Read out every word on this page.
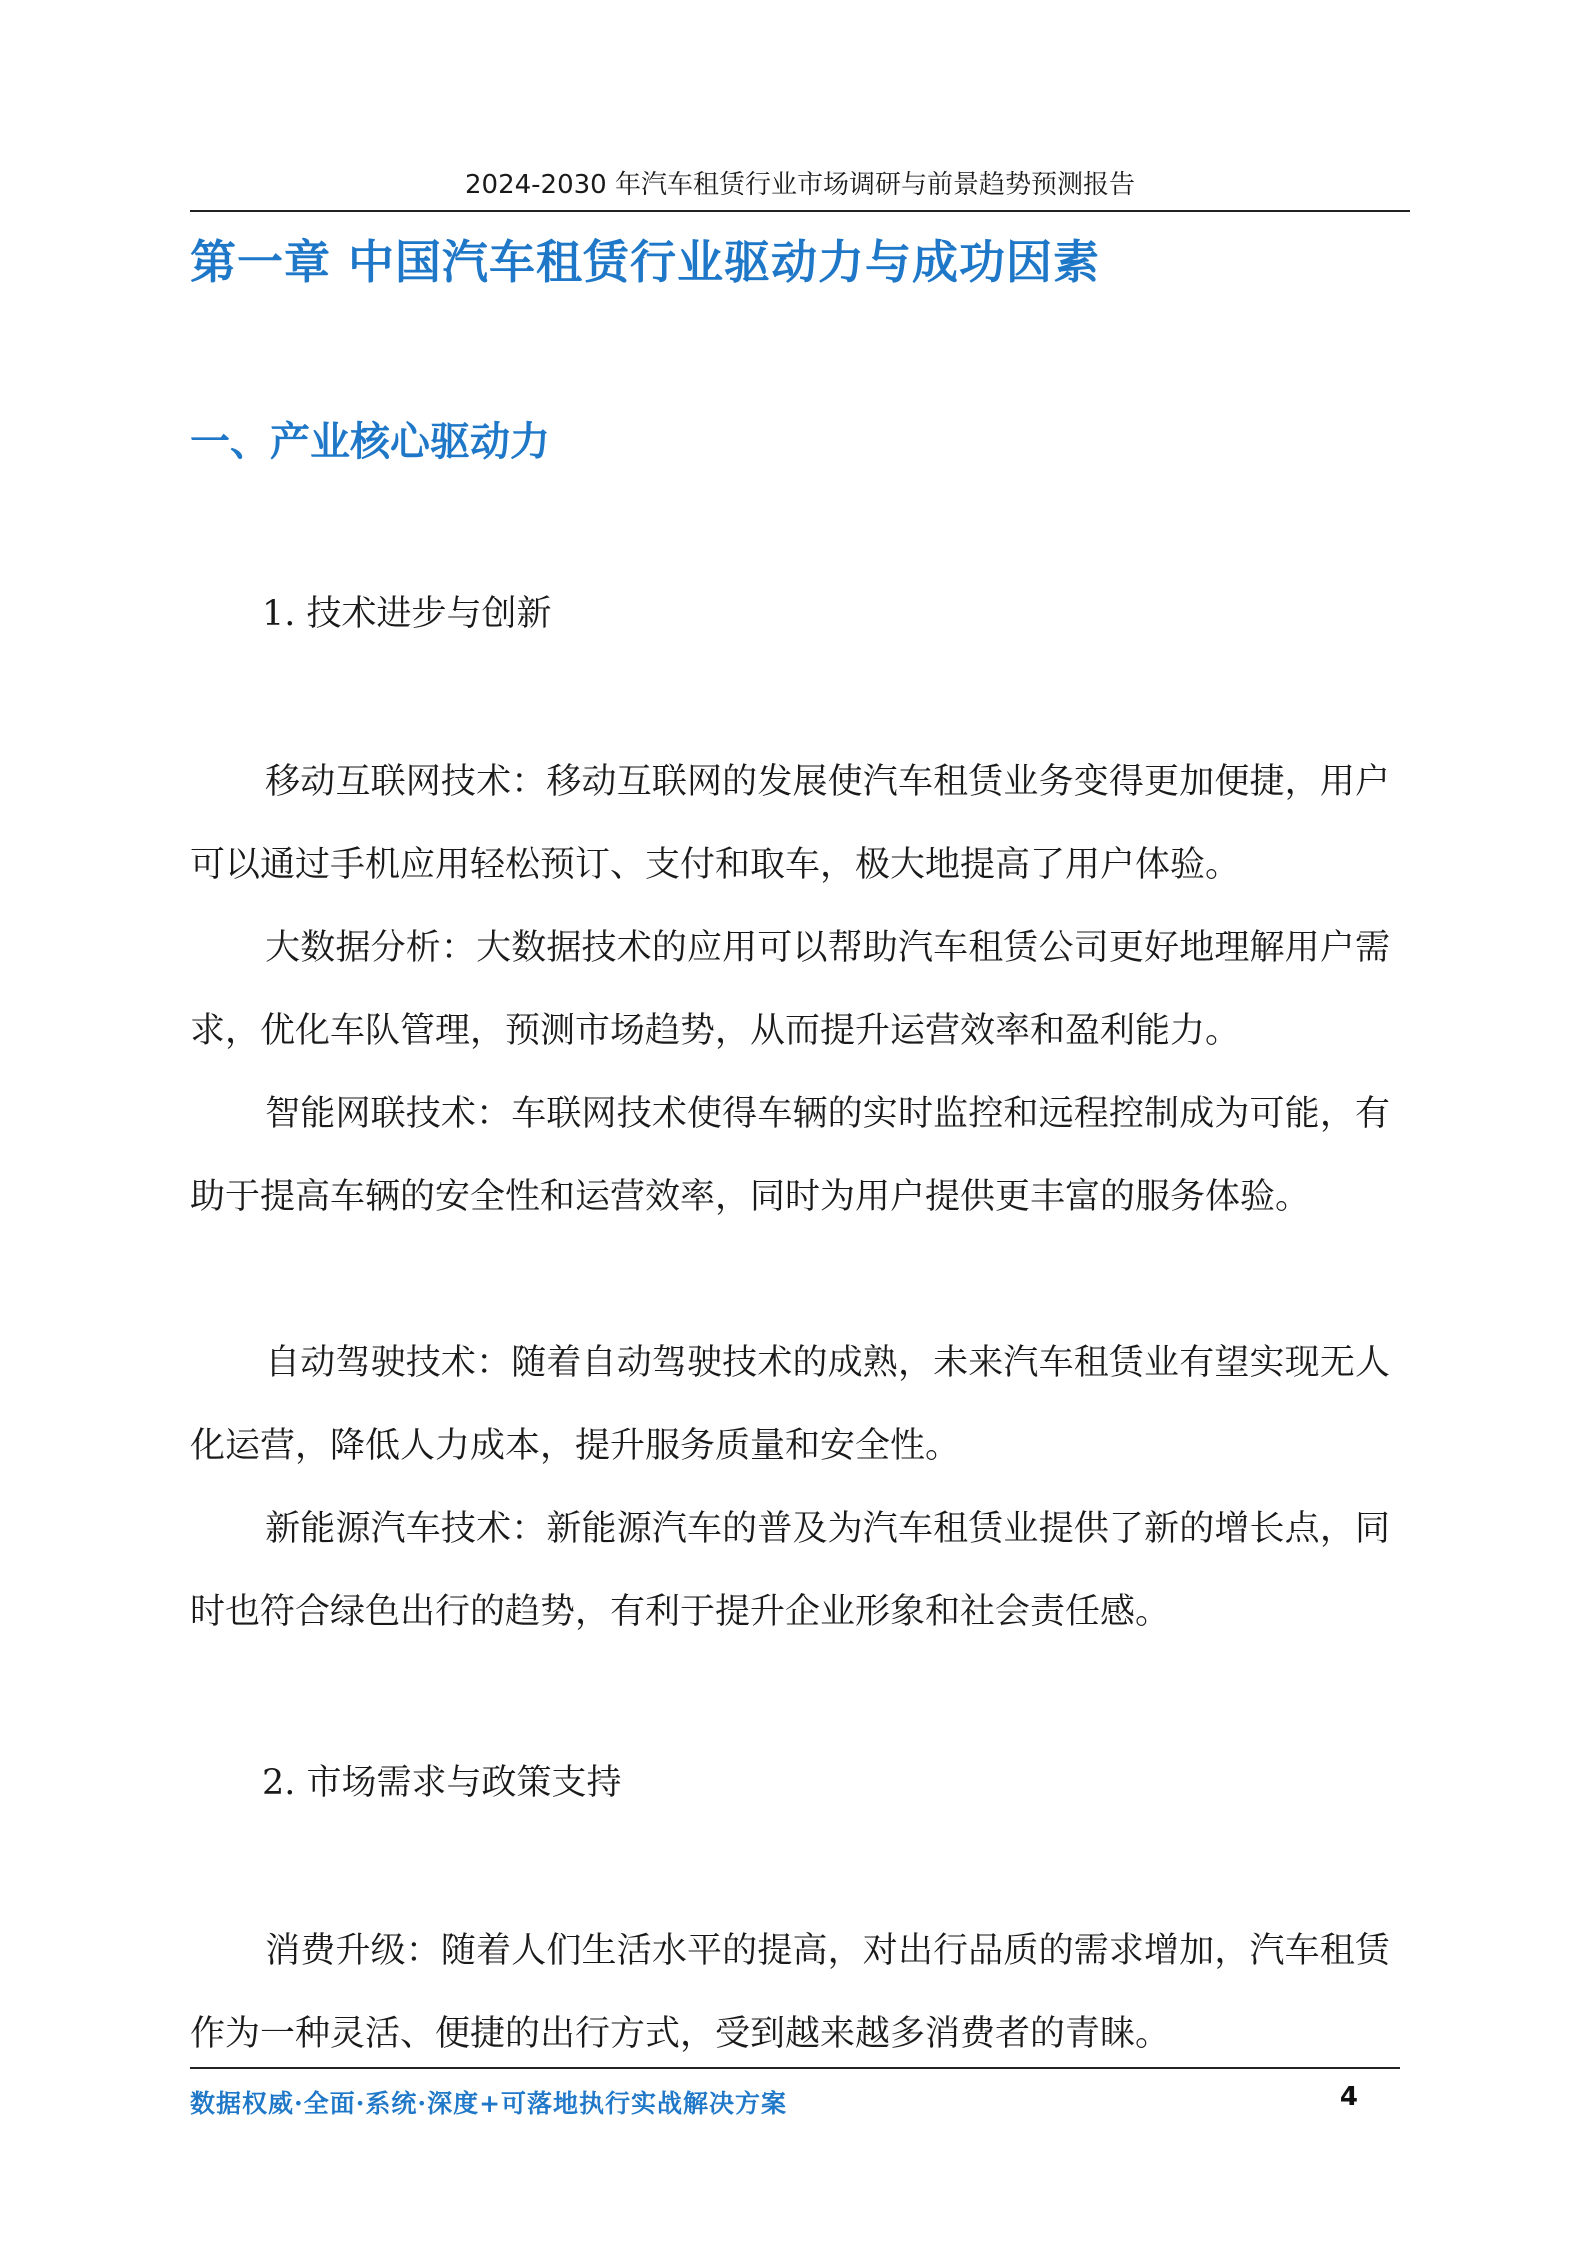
2024-2030 年汽车租赁行业市场调研与前景趋势预测报告
第一章 中国汽车租赁行业驱动力与成功因素
一、产业核心驱动力
1. 技术进步与创新
移动互联网技术：移动互联网的发展使汽车租赁业务变得更加便捷，用户可以通过手机应用轻松预订、支付和取车，极大地提高了用户体验。
大数据分析：大数据技术的应用可以帮助汽车租赁公司更好地理解用户需求，优化车队管理，预测市场趋势，从而提升运营效率和盈利能力。
智能网联技术：车联网技术使得车辆的实时监控和远程控制成为可能，有助于提高车辆的安全性和运营效率，同时为用户提供更丰富的服务体验。
自动驾驶技术：随着自动驾驶技术的成熟，未来汽车租赁业有望实现无人化运营，降低人力成本，提升服务质量和安全性。
新能源汽车技术：新能源汽车的普及为汽车租赁业提供了新的增长点，同时也符合绿色出行的趋势，有利于提升企业形象和社会责任感。
2. 市场需求与政策支持
消费升级：随着人们生活水平的提高，对出行品质的需求增加，汽车租赁作为一种灵活、便捷的出行方式，受到越来越多消费者的青睐。
数据权威·全面·系统·深度+可落地执行实战解决方案	4
